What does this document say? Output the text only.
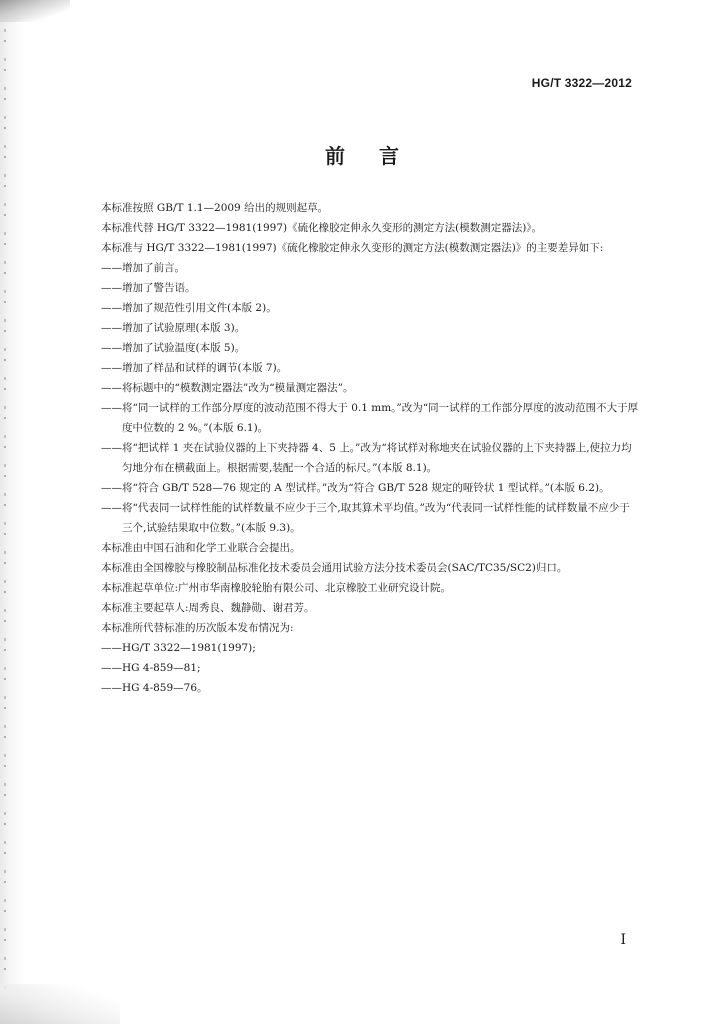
HG/T 3322—2012
前言

本标准按照 GB/T 1.1—2009 给出的规则起草。

本标准代替 HG/T 3322—1981(1997)《硫化橡胶定伸永久变形的测定方法(模数测定器法)》。

本标准与 HG/T 3322—1981(1997)《硫化橡胶定伸永久变形的测定方法(模数测定器法)》的主要差异如下:

——增加了前言。

——增加了警告语。

——增加了规范性引用文件(本版 2)。

——增加了试验原理(本版 3)。

——增加了试验温度(本版 5)。

——增加了样品和试样的调节(本版 7)。

——将标题中的“模数测定器法”改为“模量测定器法”。

——将“同一试样的工作部分厚度的波动范围不得大于 0.1 mm。”改为“同一试样的工作部分厚度的波动范围不大于厚度中位数的 2 %。”(本版 6.1)。

——将“把试样 1 夹在试验仪器的上下夹持器 4、5 上。”改为“将试样对称地夹在试验仪器的上下夹持器上,使拉力均匀地分布在横截面上。根据需要,装配一个合适的标尺。”(本版 8.1)。

——将“符合 GB/T 528—76 规定的 A 型试样。”改为“符合 GB/T 528 规定的哑铃状 1 型试样。”(本版 6.2)。

——将“代表同一试样性能的试样数量不应少于三个,取其算术平均值。”改为“代表同一试样性能的试样数量不应少于三个,试验结果取中位数。”(本版 9.3)。

本标准由中国石油和化学工业联合会提出。

本标准由全国橡胶与橡胶制品标准化技术委员会通用试验方法分技术委员会(SAC/TC35/SC2)归口。

本标准起草单位:广州市华南橡胶轮胎有限公司、北京橡胶工业研究设计院。

本标准主要起草人:周秀良、魏静勋、谢君芳。

本标准所代替标准的历次版本发布情况为:

——HG/T 3322—1981(1997);

——HG 4-859—81;

——HG 4-859—76。

I
